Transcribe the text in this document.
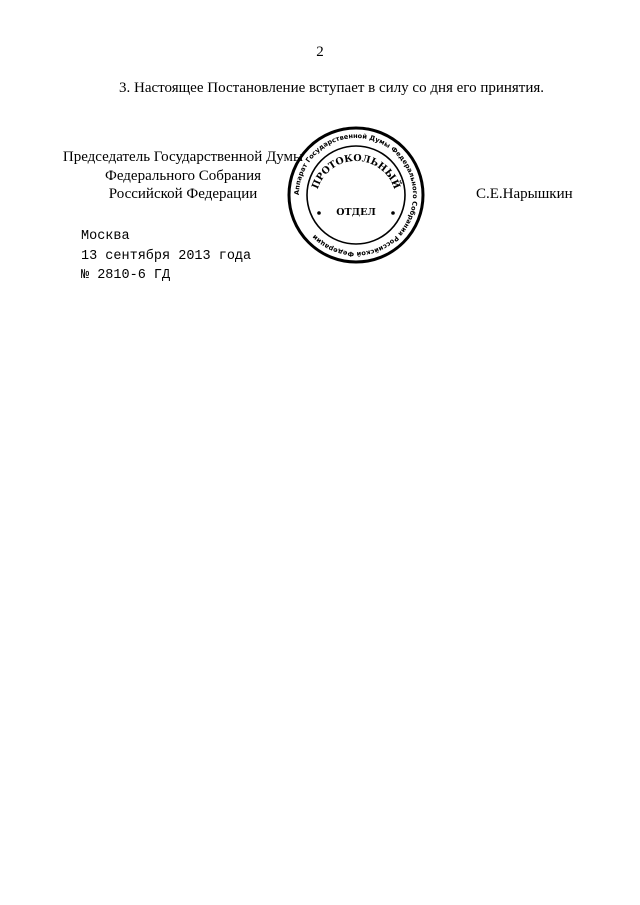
2
3. Настоящее Постановление вступает в силу со дня его принятия.
Председатель Государственной Думы
Федерального Собрания
Российской Федерации	С.Е.Нарышкин
Москва
13 сентября 2013 года
№ 2810-6 ГД
Аппарат Государственной Думы Федерального Собрания Российской Федерации
ПРОТОКОЛЬНЫЙ
ОТДЕЛ
